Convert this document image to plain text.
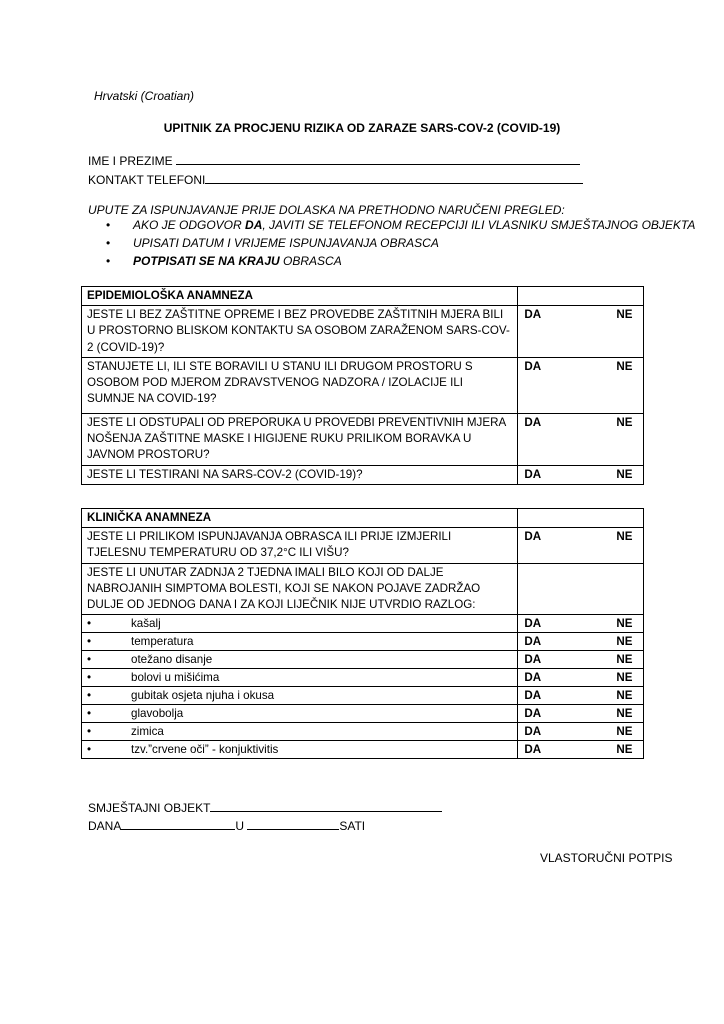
Hrvatski (Croatian)
UPITNIK ZA PROCJENU RIZIKA OD ZARAZE SARS-COV-2 (COVID-19)
IME I PREZIME
KONTAKT TELEFONI
UPUTE ZA ISPUNJAVANJE PRIJE DOLASKA NA PRETHODNO NARUČENI PREGLED:
• AKO JE ODGOVOR DA, JAVITI SE TELEFONOM RECEPCIJI ILI VLASNIKU SMJEŠTAJNOG OBJEKTA
• UPISATI DATUM I VRIJEME ISPUNJAVANJA OBRASCA
• POTPISATI SE NA KRAJU OBRASCA
EPIDEMIOLOŠKA ANAMNEZA	
JESTE LI BEZ ZAŠTITNE OPREME I BEZ PROVEDBE ZAŠTITNIH MJERA BILI U PROSTORNO BLISKOM KONTAKTU SA OSOBOM ZARAŽENOM SARS-COV-2 (COVID-19)?	DA NE

STANUJETE LI, ILI STE BORAVILI U STANU ILI DRUGOM PROSTORU S OSOBOM POD MJEROM ZDRAVSTVENOG NADZORA / IZOLACIJE ILI SUMNJE NA COVID-19?	DA NE

JESTE LI ODSTUPALI OD PREPORUKA U PROVEDBI PREVENTIVNIH MJERA NOŠENJA ZAŠTITNE MASKE I HIGIJENE RUKU PRILIKOM BORAVKA U JAVNOM PROSTORU?	DA NE

JESTE LI TESTIRANI NA SARS-COV-2 (COVID-19)?	DA NE
KLINIČKA ANAMNEZA	
JESTE LI PRILIKOM ISPUNJAVANJA OBRASCA ILI PRIJE IZMJERILI TJELESNU TEMPERATURU OD 37,2°C ILI VIŠU?	DA NE

JESTE LI UNUTAR ZADNJA 2 TJEDNA IMALI BILO KOJI OD DALJE NABROJANIH SIMPTOMA BOLESTI, KOJI SE NAKON POJAVE ZADRŽAO DULJE OD JEDNOG DANA I ZA KOJI LIJEČNIK NIJE UTVRDIO RAZLOG:	
• kašalj	DA NE

• temperatura	DA NE

• otežano disanje	DA NE

• bolovi u mišićima	DA NE

• gubitak osjeta njuha i okusa	DA NE

• glavobolja	DA NE

• zimica	DA NE

• tzv.”crvene oči” - konjuktivitis	DA NE
SMJEŠTAJNI OBJEKT
DANA	U	SATI
VLASTORUČNI POTPIS
